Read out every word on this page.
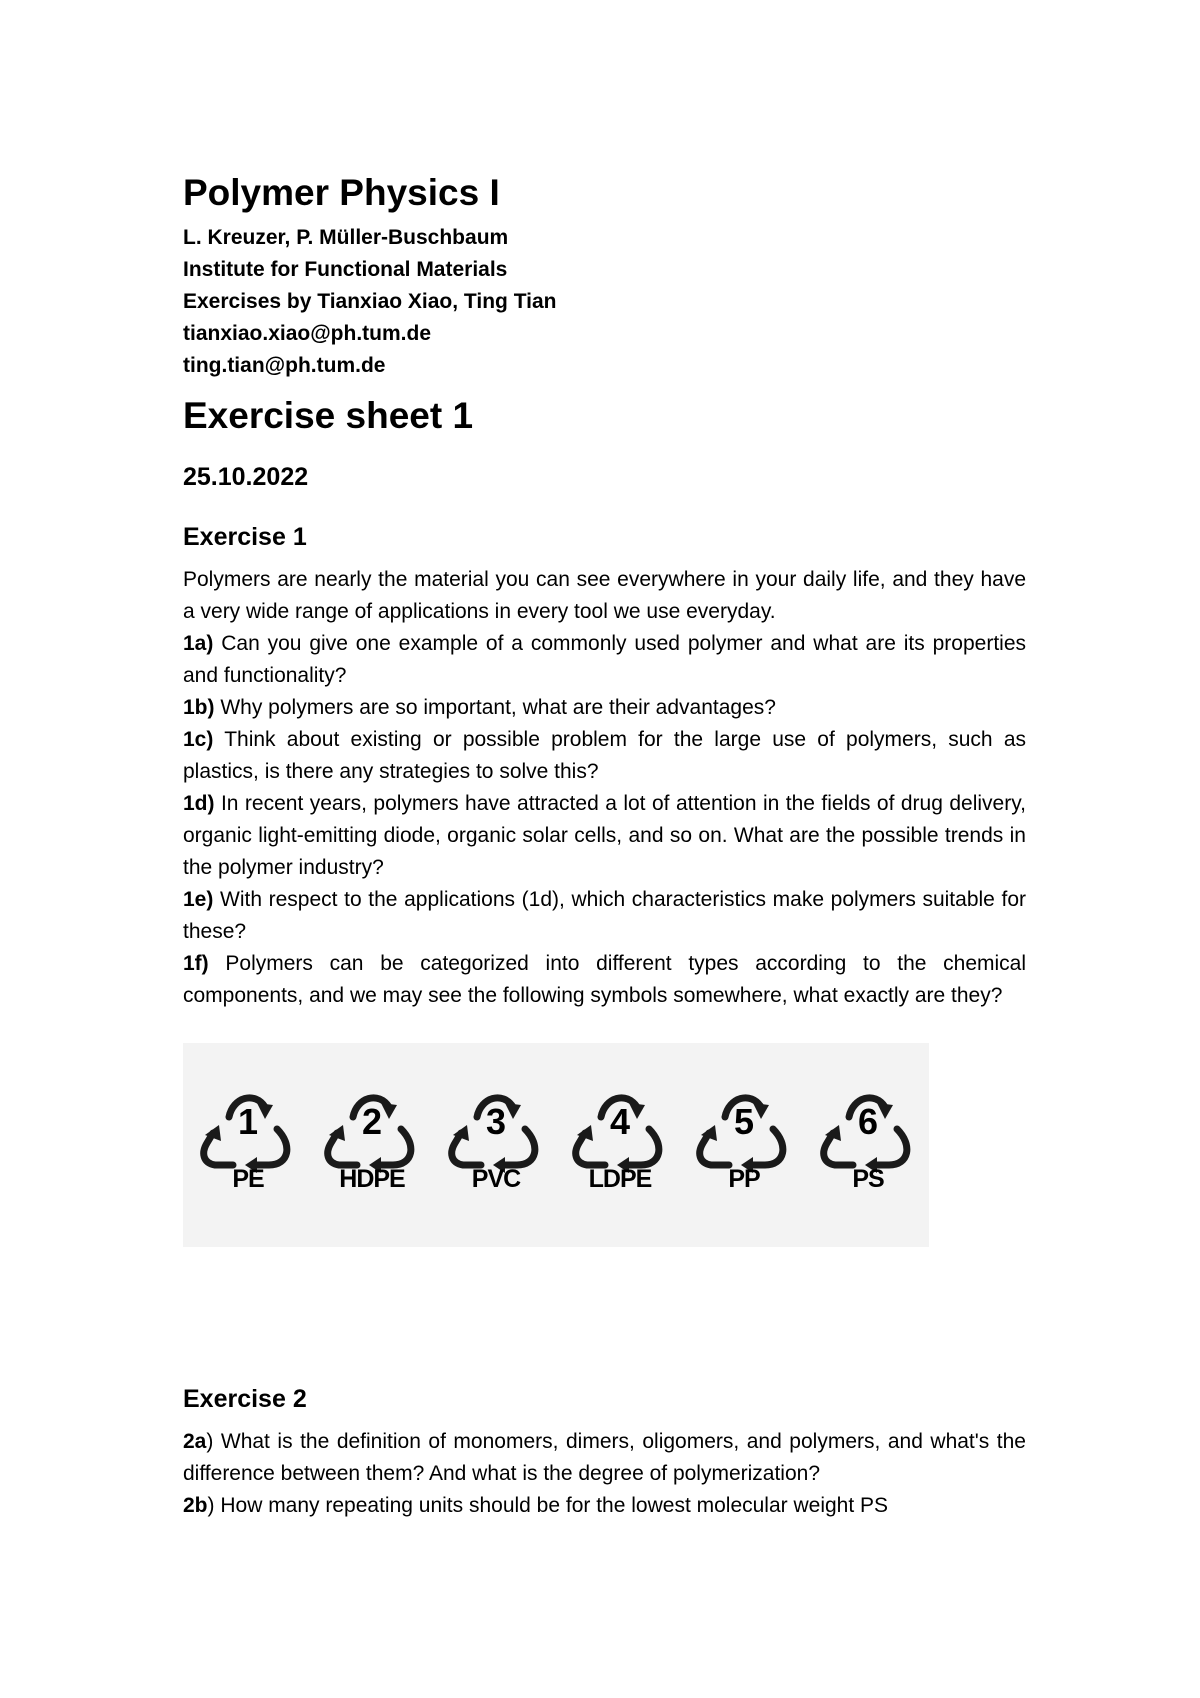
Polymer Physics I
L. Kreuzer, P. Müller-Buschbaum
Institute for Functional Materials
Exercises by Tianxiao Xiao, Ting Tian
tianxiao.xiao@ph.tum.de
ting.tian@ph.tum.de
Exercise sheet 1
25.10.2022
Exercise 1
Polymers are nearly the material you can see everywhere in your daily life, and they have a very wide range of applications in every tool we use everyday.
1a) Can you give one example of a commonly used polymer and what are its properties and functionality?
1b) Why polymers are so important, what are their advantages?
1c) Think about existing or possible problem for the large use of polymers, such as plastics, is there any strategies to solve this?
1d) In recent years, polymers have attracted a lot of attention in the fields of drug delivery, organic light-emitting diode, organic solar cells, and so on. What are the possible trends in the polymer industry?
1e) With respect to the applications (1d), which characteristics make polymers suitable for these?
1f) Polymers can be categorized into different types according to the chemical components, and we may see the following symbols somewhere, what exactly are they?
1
PE
2
HDPE
3
PVC
4
LDPE
5
PP
6
PS
Exercise 2
2a) What is the definition of monomers, dimers, oligomers, and polymers, and what's the difference between them? And what is the degree of polymerization?
2b) How many repeating units should be for the lowest molecular weight PS
